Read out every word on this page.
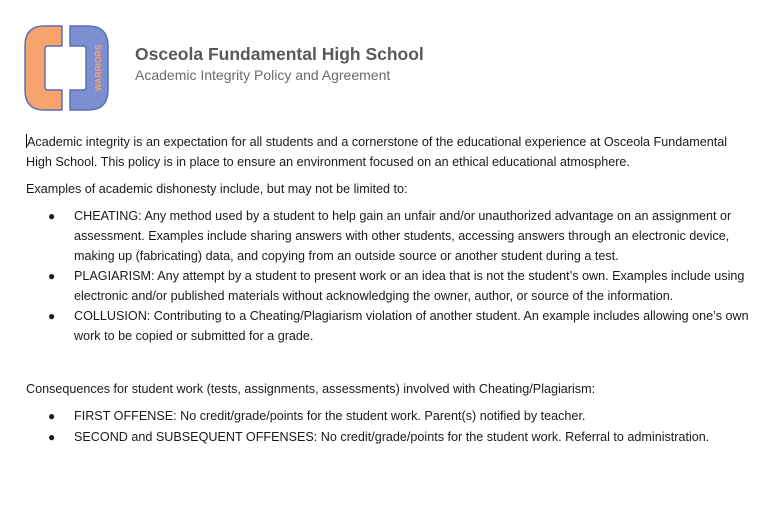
WARRIORS Osceola Fundamental High School
Academic Integrity Policy and Agreement

Academic integrity is an expectation for all students and a cornerstone of the educational experience at Osceola Fundamental High School. This policy is in place to ensure an environment focused on an ethical educational atmosphere.

Examples of academic dishonesty include, but may not be limited to:

● CHEATING: Any method used by a student to help gain an unfair and/or unauthorized advantage on an assignment or assessment. Examples include sharing answers with other students, accessing answers through an electronic device, making up (fabricating) data, and copying from an outside source or another student during a test.
● PLAGIARISM: Any attempt by a student to present work or an idea that is not the student’s own. Examples include using electronic and/or published materials without acknowledging the owner, author, or source of the information.
● COLLUSION: Contributing to a Cheating/Plagiarism violation of another student. An example includes allowing one’s own work to be copied or submitted for a grade.

Consequences for student work (tests, assignments, assessments) involved with Cheating/Plagiarism:

● FIRST OFFENSE: No credit/grade/points for the student work. Parent(s) notified by teacher.
● SECOND and SUBSEQUENT OFFENSES: No credit/grade/points for the student work. Referral to administration.
